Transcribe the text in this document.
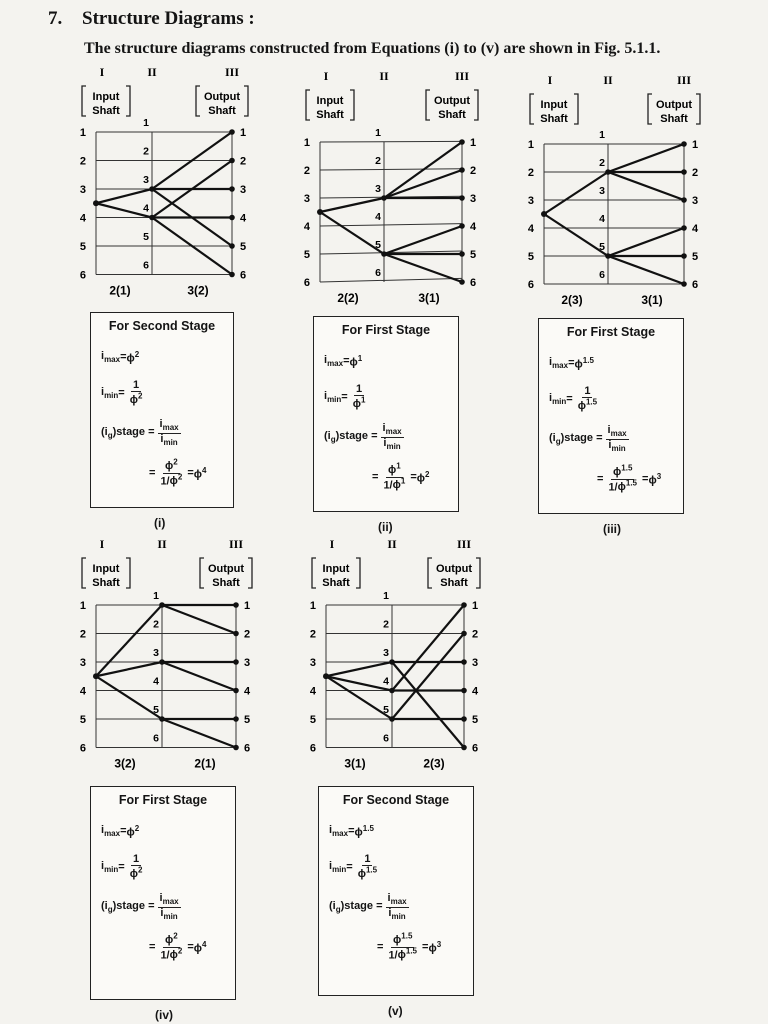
7. Structure Diagrams :
The structure diagrams constructed from Equations (i) to (v) are shown in Fig. 5.1.1.
I	II	III
Input
Shaft
Output
Shaft
1	1
1
2	2
2
3	3
3
4	4
4
5	5
5
6	6
6
2(1)	3(2)
I	II	III
Input
Shaft
Output
Shaft
1	1
1
2	2
2
3	3
3
4	4
4
5	5
5
6	6
6
2(2)	3(1)
I	II	III
Input
Shaft
Output
Shaft
1	1
1
2	2
2
3	3
3
4	4
4
5	5
5
6	6
6
2(3)	3(1)
I	II	III
Input
Shaft
Output
Shaft
1	1
1
2	2
2
3	3
3
4	4
4
5	5
5
6	6
6
3(2)	2(1)
I	II	III
Input
Shaft
Output
Shaft
1	1
1
2	2
2
3	3
3
4	4
4
5	5
5
6	6
6
3(1)	2(3)
For Second Stage
$i_{max} = \phi^2$
$i_{min} = \frac{1}{\phi^2}$
$(i_g)stage = \frac{i_{max}}{i_{min}}$
= $\frac{\phi^2}{1/\phi^2} = \phi^4$
(i)
For First Stage
$i_{max} = \phi^1$
$i_{min} = \frac{1}{\phi^1}$
$(i_g)stage = \frac{i_{max}}{i_{min}}$
= $\frac{\phi^1}{1/\phi^1} = \phi^2$
(ii)
For First Stage
$i_{max} = \phi^{1.5}$
$i_{min} = \frac{1}{\phi^{1.5}}$
$(i_g)stage = \frac{i_{max}}{i_{min}}$
= $\frac{\phi^{1.5}}{1/\phi^{1.5}} = \phi^3$
(iii)
For First Stage
$i_{max} = \phi^2$
$i_{min} = \frac{1}{\phi^2}$
$(i_g)stage = \frac{i_{max}}{i_{min}}$
= $\frac{\phi^2}{1/\phi^2} = \phi^4$
(iv)
For Second Stage
$i_{max} = \phi^{1.5}$
$i_{min} = \frac{1}{\phi^{1.5}}$
$(i_g)stage = \frac{i_{max}}{i_{min}}$
= $\frac{\phi^{1.5}}{1/\phi^{1.5}} = \phi^3$
(v)
